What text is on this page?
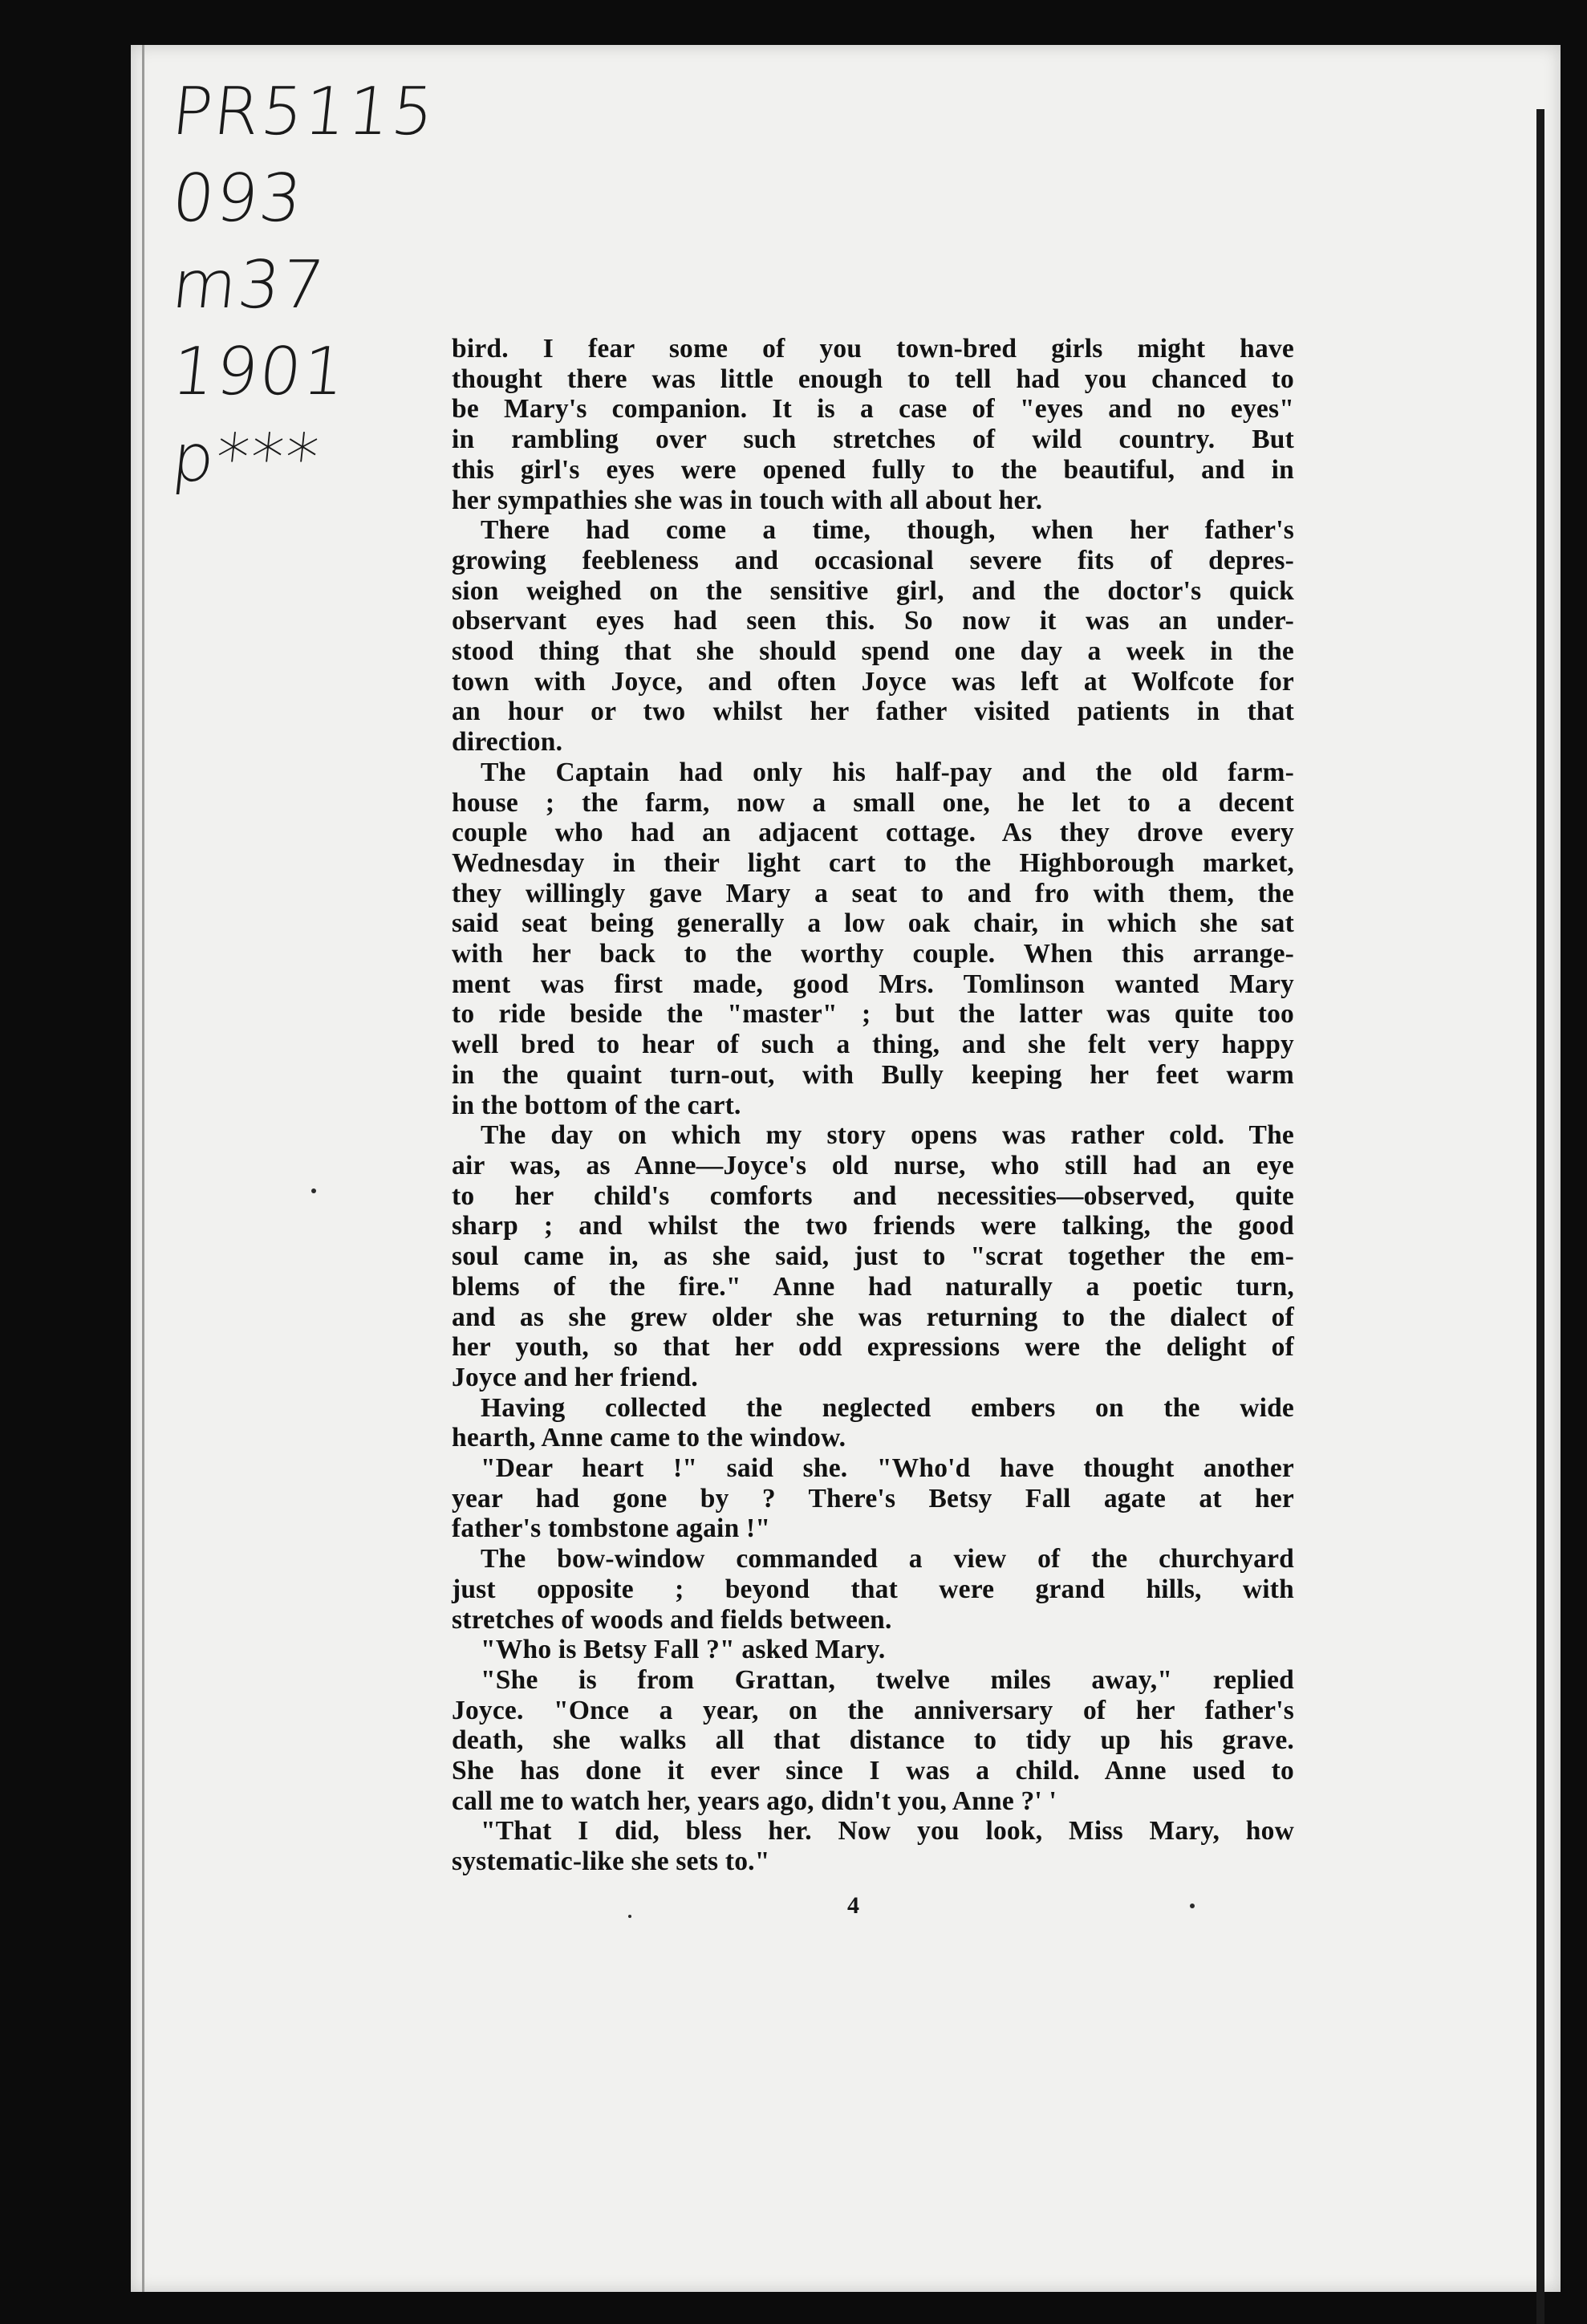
PR5115
093
m37
1901
p***
bird. I fear some of you town-bred girls might have
thought there was little enough to tell had you chanced to
be Mary's companion. It is a case of "eyes and no eyes"
in rambling over such stretches of wild country. But
this girl's eyes were opened fully to the beautiful, and in
her sympathies she was in touch with all about her.
There had come a time, though, when her father's
growing feebleness and occasional severe fits of depres-
sion weighed on the sensitive girl, and the doctor's quick
observant eyes had seen this. So now it was an under-
stood thing that she should spend one day a week in the
town with Joyce, and often Joyce was left at Wolfcote for
an hour or two whilst her father visited patients in that
direction.
The Captain had only his half-pay and the old farm-
house ; the farm, now a small one, he let to a decent
couple who had an adjacent cottage. As they drove every
Wednesday in their light cart to the Highborough market,
they willingly gave Mary a seat to and fro with them, the
said seat being generally a low oak chair, in which she sat
with her back to the worthy couple. When this arrange-
ment was first made, good Mrs. Tomlinson wanted Mary
to ride beside the "master" ; but the latter was quite too
well bred to hear of such a thing, and she felt very happy
in the quaint turn-out, with Bully keeping her feet warm
in the bottom of the cart.
The day on which my story opens was rather cold. The
air was, as Anne—Joyce's old nurse, who still had an eye
to her child's comforts and necessities—observed, quite
sharp ; and whilst the two friends were talking, the good
soul came in, as she said, just to "scrat together the em-
blems of the fire." Anne had naturally a poetic turn,
and as she grew older she was returning to the dialect of
her youth, so that her odd expressions were the delight of
Joyce and her friend.
Having collected the neglected embers on the wide
hearth, Anne came to the window.
"Dear heart !" said she. "Who'd have thought another
year had gone by ? There's Betsy Fall agate at her
father's tombstone again !"
The bow-window commanded a view of the churchyard
just opposite ; beyond that were grand hills, with
stretches of woods and fields between.
"Who is Betsy Fall ?" asked Mary.
"She is from Grattan, twelve miles away," replied
Joyce. "Once a year, on the anniversary of her father's
death, she walks all that distance to tidy up his grave.
She has done it ever since I was a child. Anne used to
call me to watch her, years ago, didn't you, Anne ?' '
"That I did, bless her. Now you look, Miss Mary, how
systematic-like she sets to."
4
